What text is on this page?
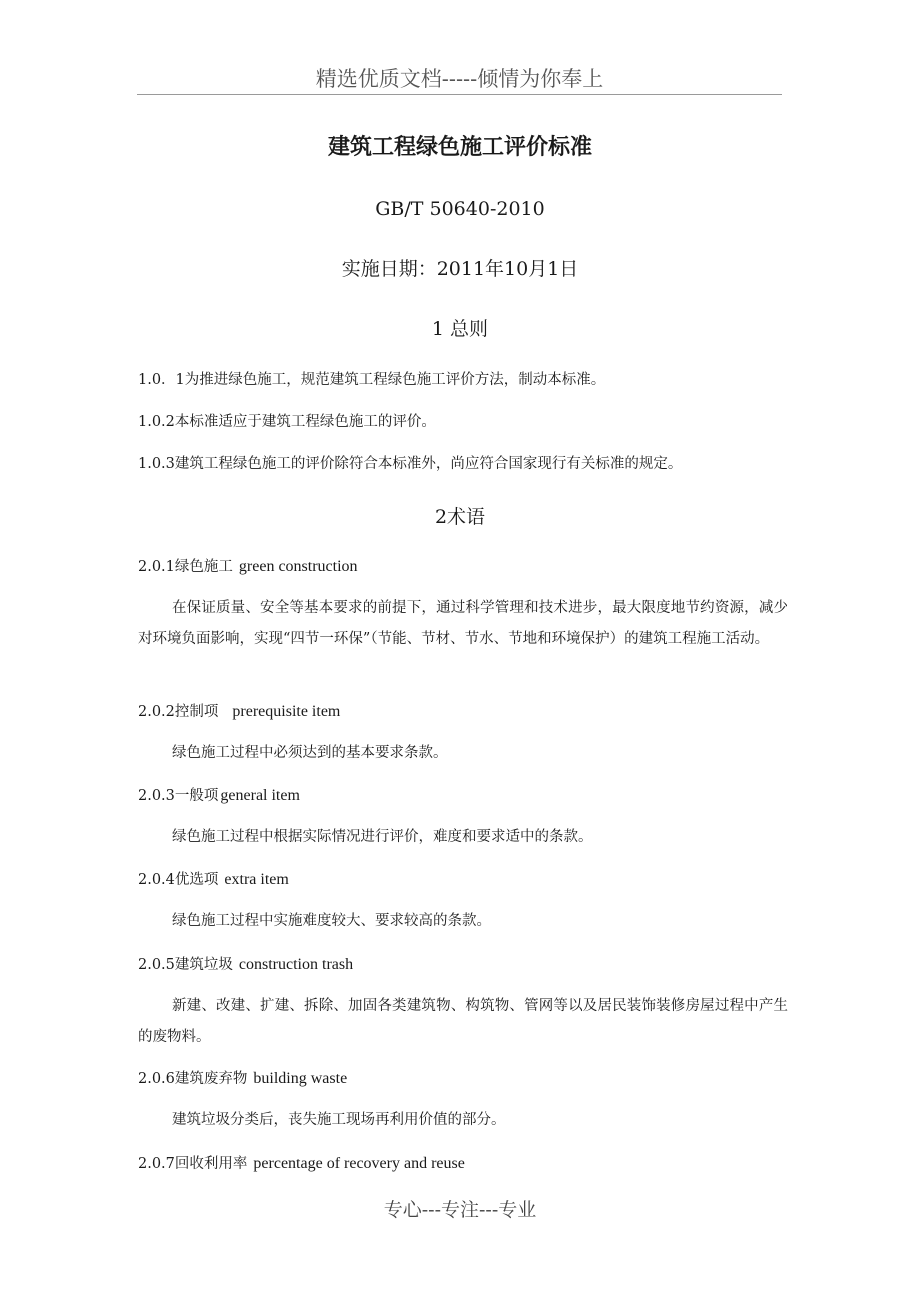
精选优质文档-----倾情为你奉上
建筑工程绿色施工评价标准
GB/T 50640-2010
实施日期：2011年10月1日
1 总则
1.0．1为推进绿色施工，规范建筑工程绿色施工评价方法，制动本标准。
1.0.2本标准适应于建筑工程绿色施工的评价。
1.0.3建筑工程绿色施工的评价除符合本标准外，尚应符合国家现行有关标准的规定。
2术语
2.0.1绿色施工 green construction
在保证质量、安全等基本要求的前提下，通过科学管理和技术进步，最大限度地节约资源，减少对环境负面影响，实现“四节一环保”（节能、节材、节水、节地和环境保护）的建筑工程施工活动。
2.0.2控制项 prerequisite item
绿色施工过程中必须达到的基本要求条款。
2.0.3一般项 general item
绿色施工过程中根据实际情况进行评价，难度和要求适中的条款。
2.0.4优选项 extra item
绿色施工过程中实施难度较大、要求较高的条款。
2.0.5建筑垃圾 construction trash
新建、改建、扩建、拆除、加固各类建筑物、构筑物、管网等以及居民装饰装修房屋过程中产生的废物料。
2.0.6建筑废弃物 building waste
建筑垃圾分类后，丧失施工现场再利用价值的部分。
2.0.7回收利用率 percentage of recovery and reuse
专心---专注---专业
